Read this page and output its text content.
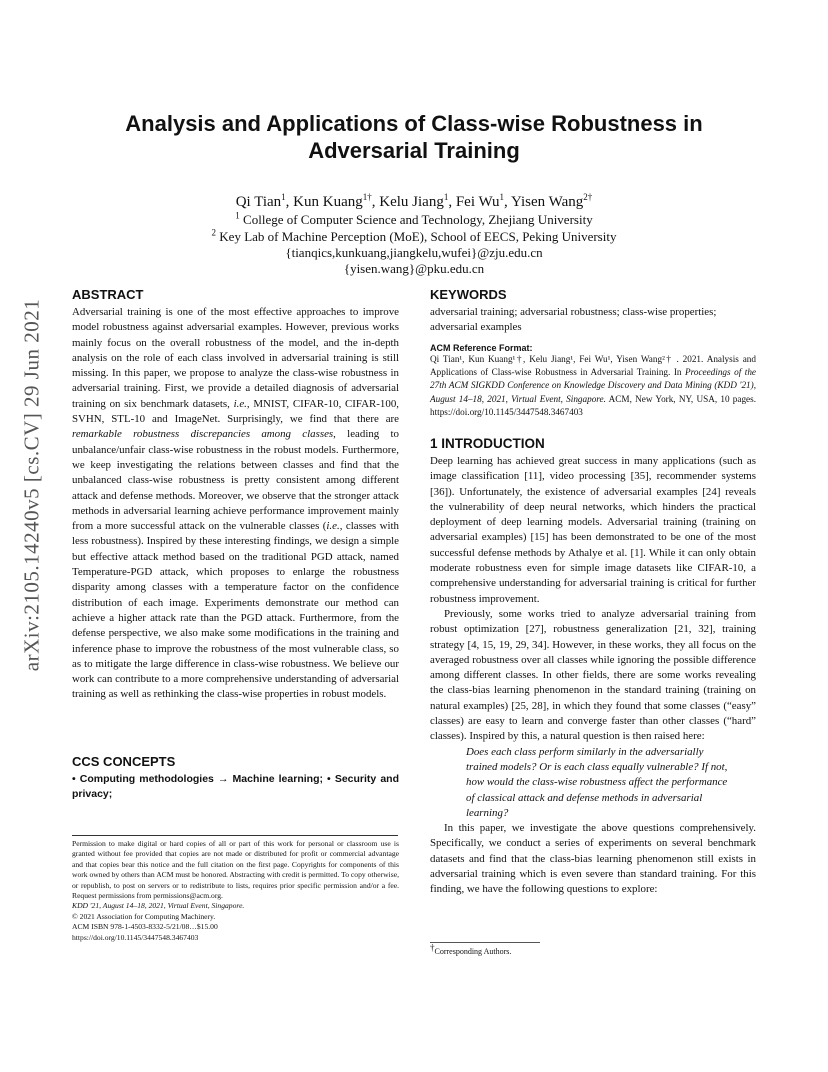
arXiv:2105.14240v5 [cs.CV] 29 Jun 2021
Analysis and Applications of Class-wise Robustness in
Adversarial Training
Qi Tian$^1$, Kun Kuang$^{1\dagger}$, Kelu Jiang$^1$, Fei Wu$^1$, Yisen Wang$^{2\dagger}$
$^1$ College of Computer Science and Technology, Zhejiang University
$^2$ Key Lab of Machine Perception (MoE), School of EECS, Peking University
{tianqics,kunkuang,jiangkelu,wufei}@zju.edu.cn
{yisen.wang}@pku.edu.cn
ABSTRACT

Adversarial training is one of the most effective approaches to improve model robustness against adversarial examples. However, previous works mainly focus on the overall robustness of the model, and the in-depth analysis on the role of each class involved in adversarial training is still missing. In this paper, we propose to analyze the class-wise robustness in adversarial training. First, we provide a detailed diagnosis of adversarial training on six benchmark datasets, i.e., MNIST, CIFAR-10, CIFAR-100, SVHN, STL-10 and ImageNet. Surprisingly, we find that there are remarkable robustness discrepancies among classes, leading to unbalance/unfair class-wise robustness in the robust models. Furthermore, we keep investigating the relations between classes and find that the unbalanced class-wise robustness is pretty consistent among different attack and defense methods. Moreover, we observe that the stronger attack methods in adversarial learning achieve performance improvement mainly from a more successful attack on the vulnerable classes (i.e., classes with less robustness). Inspired by these interesting findings, we design a simple but effective attack method based on the traditional PGD attack, named Temperature-PGD attack, which proposes to enlarge the robustness disparity among classes with a temperature factor on the confidence distribution of each image. Experiments demonstrate our method can achieve a higher attack rate than the PGD attack. Furthermore, from the defense perspective, we also make some modifications in the training and inference phase to improve the robustness of the most vulnerable class, so as to mitigate the large difference in class-wise robustness. We believe our work can contribute to a more comprehensive understanding of adversarial training as well as rethinking the class-wise properties in robust models.

CCS CONCEPTS

• Computing methodologies → Machine learning; • Security and privacy;

Permission to make digital or hard copies of all or part of this work for personal or classroom use is granted without fee provided that copies are not made or distributed for profit or commercial advantage and that copies bear this notice and the full citation on the first page. Copyrights for components of this work owned by others than ACM must be honored. Abstracting with credit is permitted. To copy otherwise, or republish, to post on servers or to redistribute to lists, requires prior specific permission and/or a fee. Request permissions from permissions@acm.org.
KDD '21, August 14–18, 2021, Virtual Event, Singapore.
© 2021 Association for Computing Machinery.
ACM ISBN 978-1-4503-8332-5/21/08…$15.00
https://doi.org/10.1145/3447548.3467403
KEYWORDS

adversarial training; adversarial robustness; class-wise properties; adversarial examples

ACM Reference Format:

Qi Tian¹, Kun Kuang¹†, Kelu Jiang¹, Fei Wu¹, Yisen Wang²† . 2021. Analysis and Applications of Class-wise Robustness in Adversarial Training. In Proceedings of the 27th ACM SIGKDD Conference on Knowledge Discovery and Data Mining (KDD '21), August 14–18, 2021, Virtual Event, Singapore. ACM, New York, NY, USA, 10 pages. https://doi.org/10.1145/3447548.3467403

1 INTRODUCTION

Deep learning has achieved great success in many applications (such as image classification [11], video processing [35], recommender systems [36]). Unfortunately, the existence of adversarial examples [24] reveals the vulnerability of deep neural networks, which hinders the practical deployment of deep learning models. Adversarial training (training on adversarial examples) [15] has been demonstrated to be one of the most successful defense methods by Athalye et al. [1]. While it can only obtain moderate robustness even for simple image datasets like CIFAR-10, a comprehensive understanding for adversarial training is critical for further robustness improvement.

Previously, some works tried to analyze adversarial training from robust optimization [27], robustness generalization [21, 32], training strategy [4, 15, 19, 29, 34]. However, in these works, they all focus on the averaged robustness over all classes while ignoring the possible difference among different classes. In other fields, there are some works revealing the class-bias learning phenomenon in the standard training (training on natural examples) [25, 28], in which they found that some classes (“easy” classes) are easy to learn and converge faster than other classes (“hard” classes). Inspired by this, a natural question is then raised here:

Does each class perform similarly in the adversarially trained models? Or is each class equally vulnerable? If not, how would the class-wise robustness affect the performance of classical attack and defense methods in adversarial learning?

In this paper, we investigate the above questions comprehensively. Specifically, we conduct a series of experiments on several benchmark datasets and find that the class-bias learning phenomenon still exists in adversarial training which is even severe than standard training. For this finding, we have the following questions to explore:

†Corresponding Authors.
